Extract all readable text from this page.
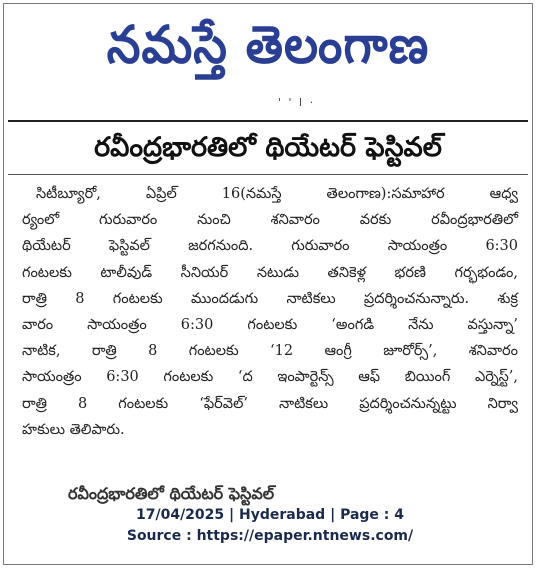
నమస్తే తెలంగాణ
' ' l ·
రవీంద్రభారతిలో థియేటర్ ఫెస్టివల్
సిటీబ్యూరో, ఏప్రిల్ 16(నమస్తే తెలంగాణ):సమాహార ఆధ్వ
ర్యంలో గురువారం నుంచి శనివారం వరకు రవీంద్రభారతిలో
థియేటర్ ఫెస్టివల్ జరగనుంది. గురువారం సాయంత్రం 6:30
గంటలకు టాలీవుడ్ సీనియర్ నటుడు తనికెళ్ల భరణి గర్భభండం,
రాత్రి 8 గంటలకు ముందడుగు నాటికలు ప్రదర్శించనున్నారు. శుక్ర
వారం సాయంత్రం 6:30 గంటలకు ‘అంగడి నేను వస్తున్నా’
నాటిక, రాత్రి 8 గంటలకు ‘12 ఆంగ్రీ జూరోర్స్’, శనివారం
సాయంత్రం 6:30 గంటలకు ‘ద ఇంపార్టెన్స్ ఆఫ్ బియింగ్ ఎర్నెస్ట్’,
రాత్రి 8 గంటలకు ‘ఫేర్‌వెల్’ నాటికలు ప్రదర్శించనున్నట్టు నిర్వా
హకులు తెలిపారు.
రవీంద్రభారతిలో థియేటర్ ఫెస్టివల్
17/04/2025 | Hyderabad | Page : 4
Source : https://epaper.ntnews.com/
